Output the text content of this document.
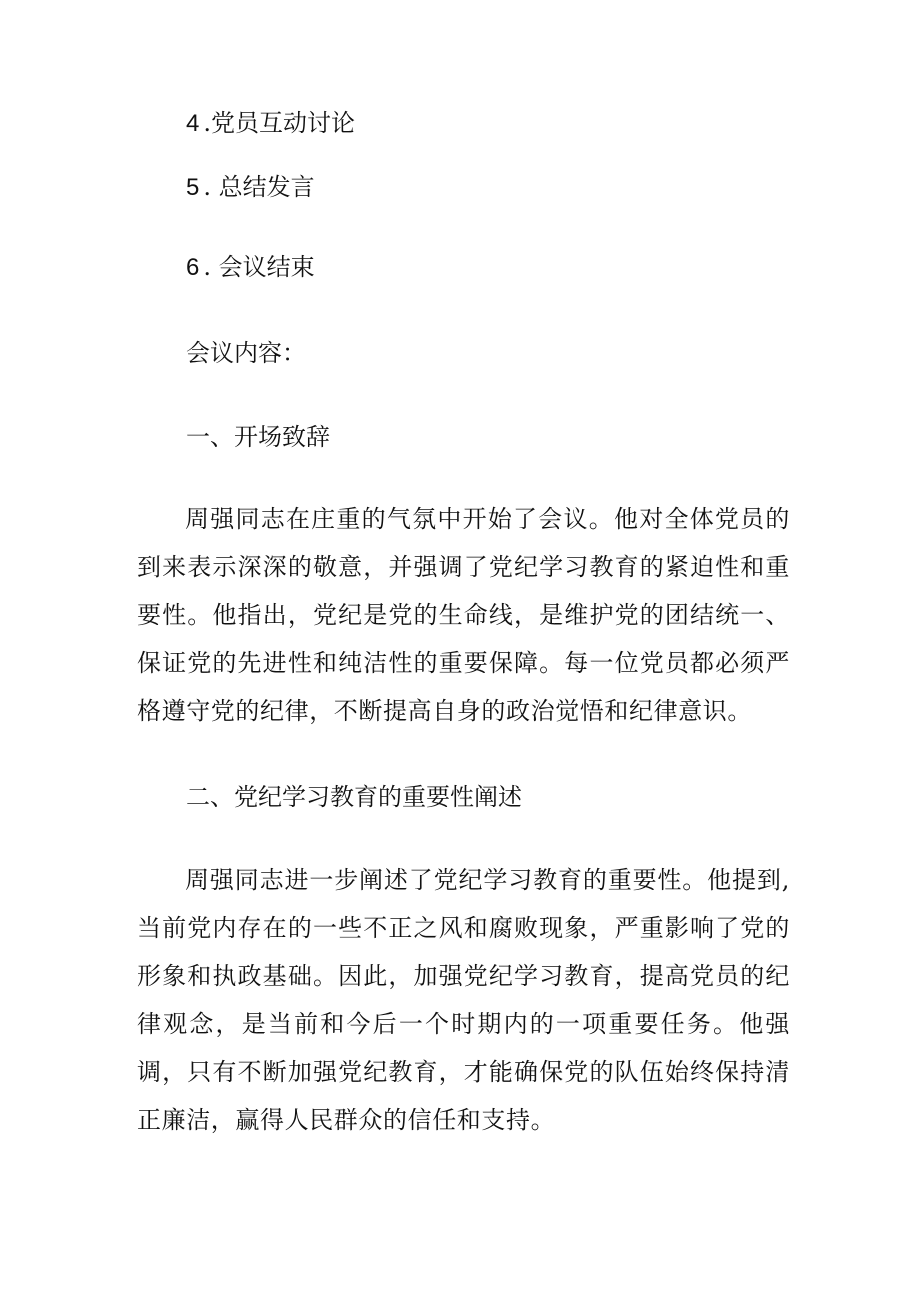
4 .党员互动讨论
5 . 总结发言
6 . 会议结束
会议内容：
一、开场致辞
周强同志在庄重的气氛中开始了会议。他对全体党员的到来表示深深的敬意，并强调了党纪学习教育的紧迫性和重要性。他指出，党纪是党的生命线，是维护党的团结统一、保证党的先进性和纯洁性的重要保障。每一位党员都必须严格遵守党的纪律，不断提高自身的政治觉悟和纪律意识。
二、党纪学习教育的重要性阐述
周强同志进一步阐述了党纪学习教育的重要性。他提到,当前党内存在的一些不正之风和腐败现象，严重影响了党的形象和执政基础。因此，加强党纪学习教育，提高党员的纪律观念，是当前和今后一个时期内的一项重要任务。他强调，只有不断加强党纪教育，才能确保党的队伍始终保持清正廉洁，赢得人民群众的信任和支持。
